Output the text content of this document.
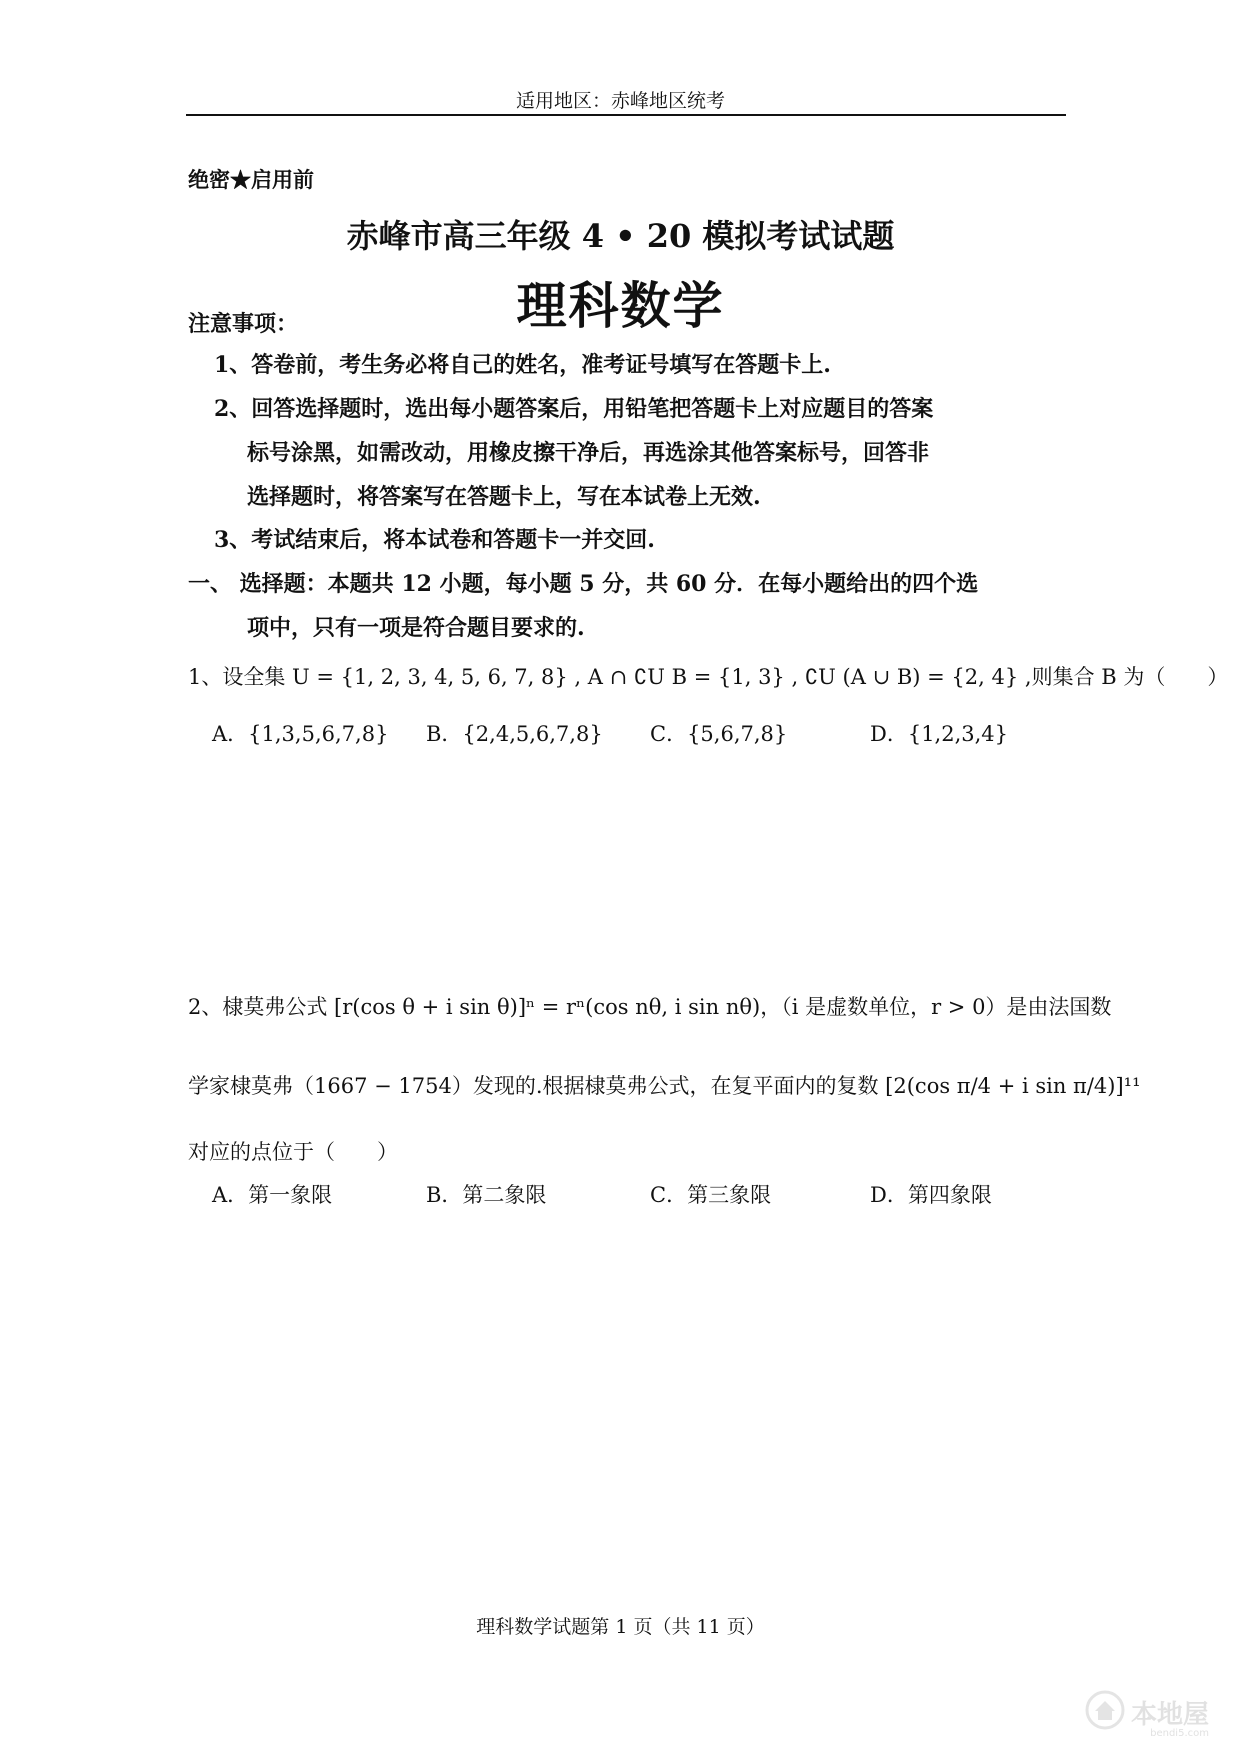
适用地区：赤峰地区统考
绝密★启用前
赤峰市高三年级 4 • 20 模拟考试试题
理科数学
注意事项：
1、答卷前，考生务必将自己的姓名，准考证号填写在答题卡上.
2、回答选择题时，选出每小题答案后，用铅笔把答题卡上对应题目的答案
标号涂黑，如需改动，用橡皮擦干净后，再选涂其他答案标号，回答非
选择题时，将答案写在答题卡上，写在本试卷上无效.
3、考试结束后，将本试卷和答题卡一并交回.
一、 选择题：本题共 12 小题，每小题 5 分，共 60 分．在每小题给出的四个选
项中，只有一项是符合题目要求的.
1、设全集 U = {1, 2, 3, 4, 5, 6, 7, 8} , A ∩ ∁U B = {1, 3} , ∁U (A ∪ B) = {2, 4} ,则集合 B 为（　　）
A．{1,3,5,6,7,8} B．{2,4,5,6,7,8} C．{5,6,7,8}	D．{1,2,3,4}
2、棣莫弗公式 [r(cos θ + i sin θ)]ⁿ = rⁿ(cos nθ, i sin nθ)，（i 是虚数单位，r > 0）是由法国数
学家棣莫弗（1667 − 1754）发现的.根据棣莫弗公式，在复平面内的复数 [2(cos π/4 + i sin π/4)]¹¹
对应的点位于（　　）
A．第一象限	B．第二象限	C．第三象限	D．第四象限
理科数学试题第 1 页（共 11 页）
本地屋
bendi5.com
